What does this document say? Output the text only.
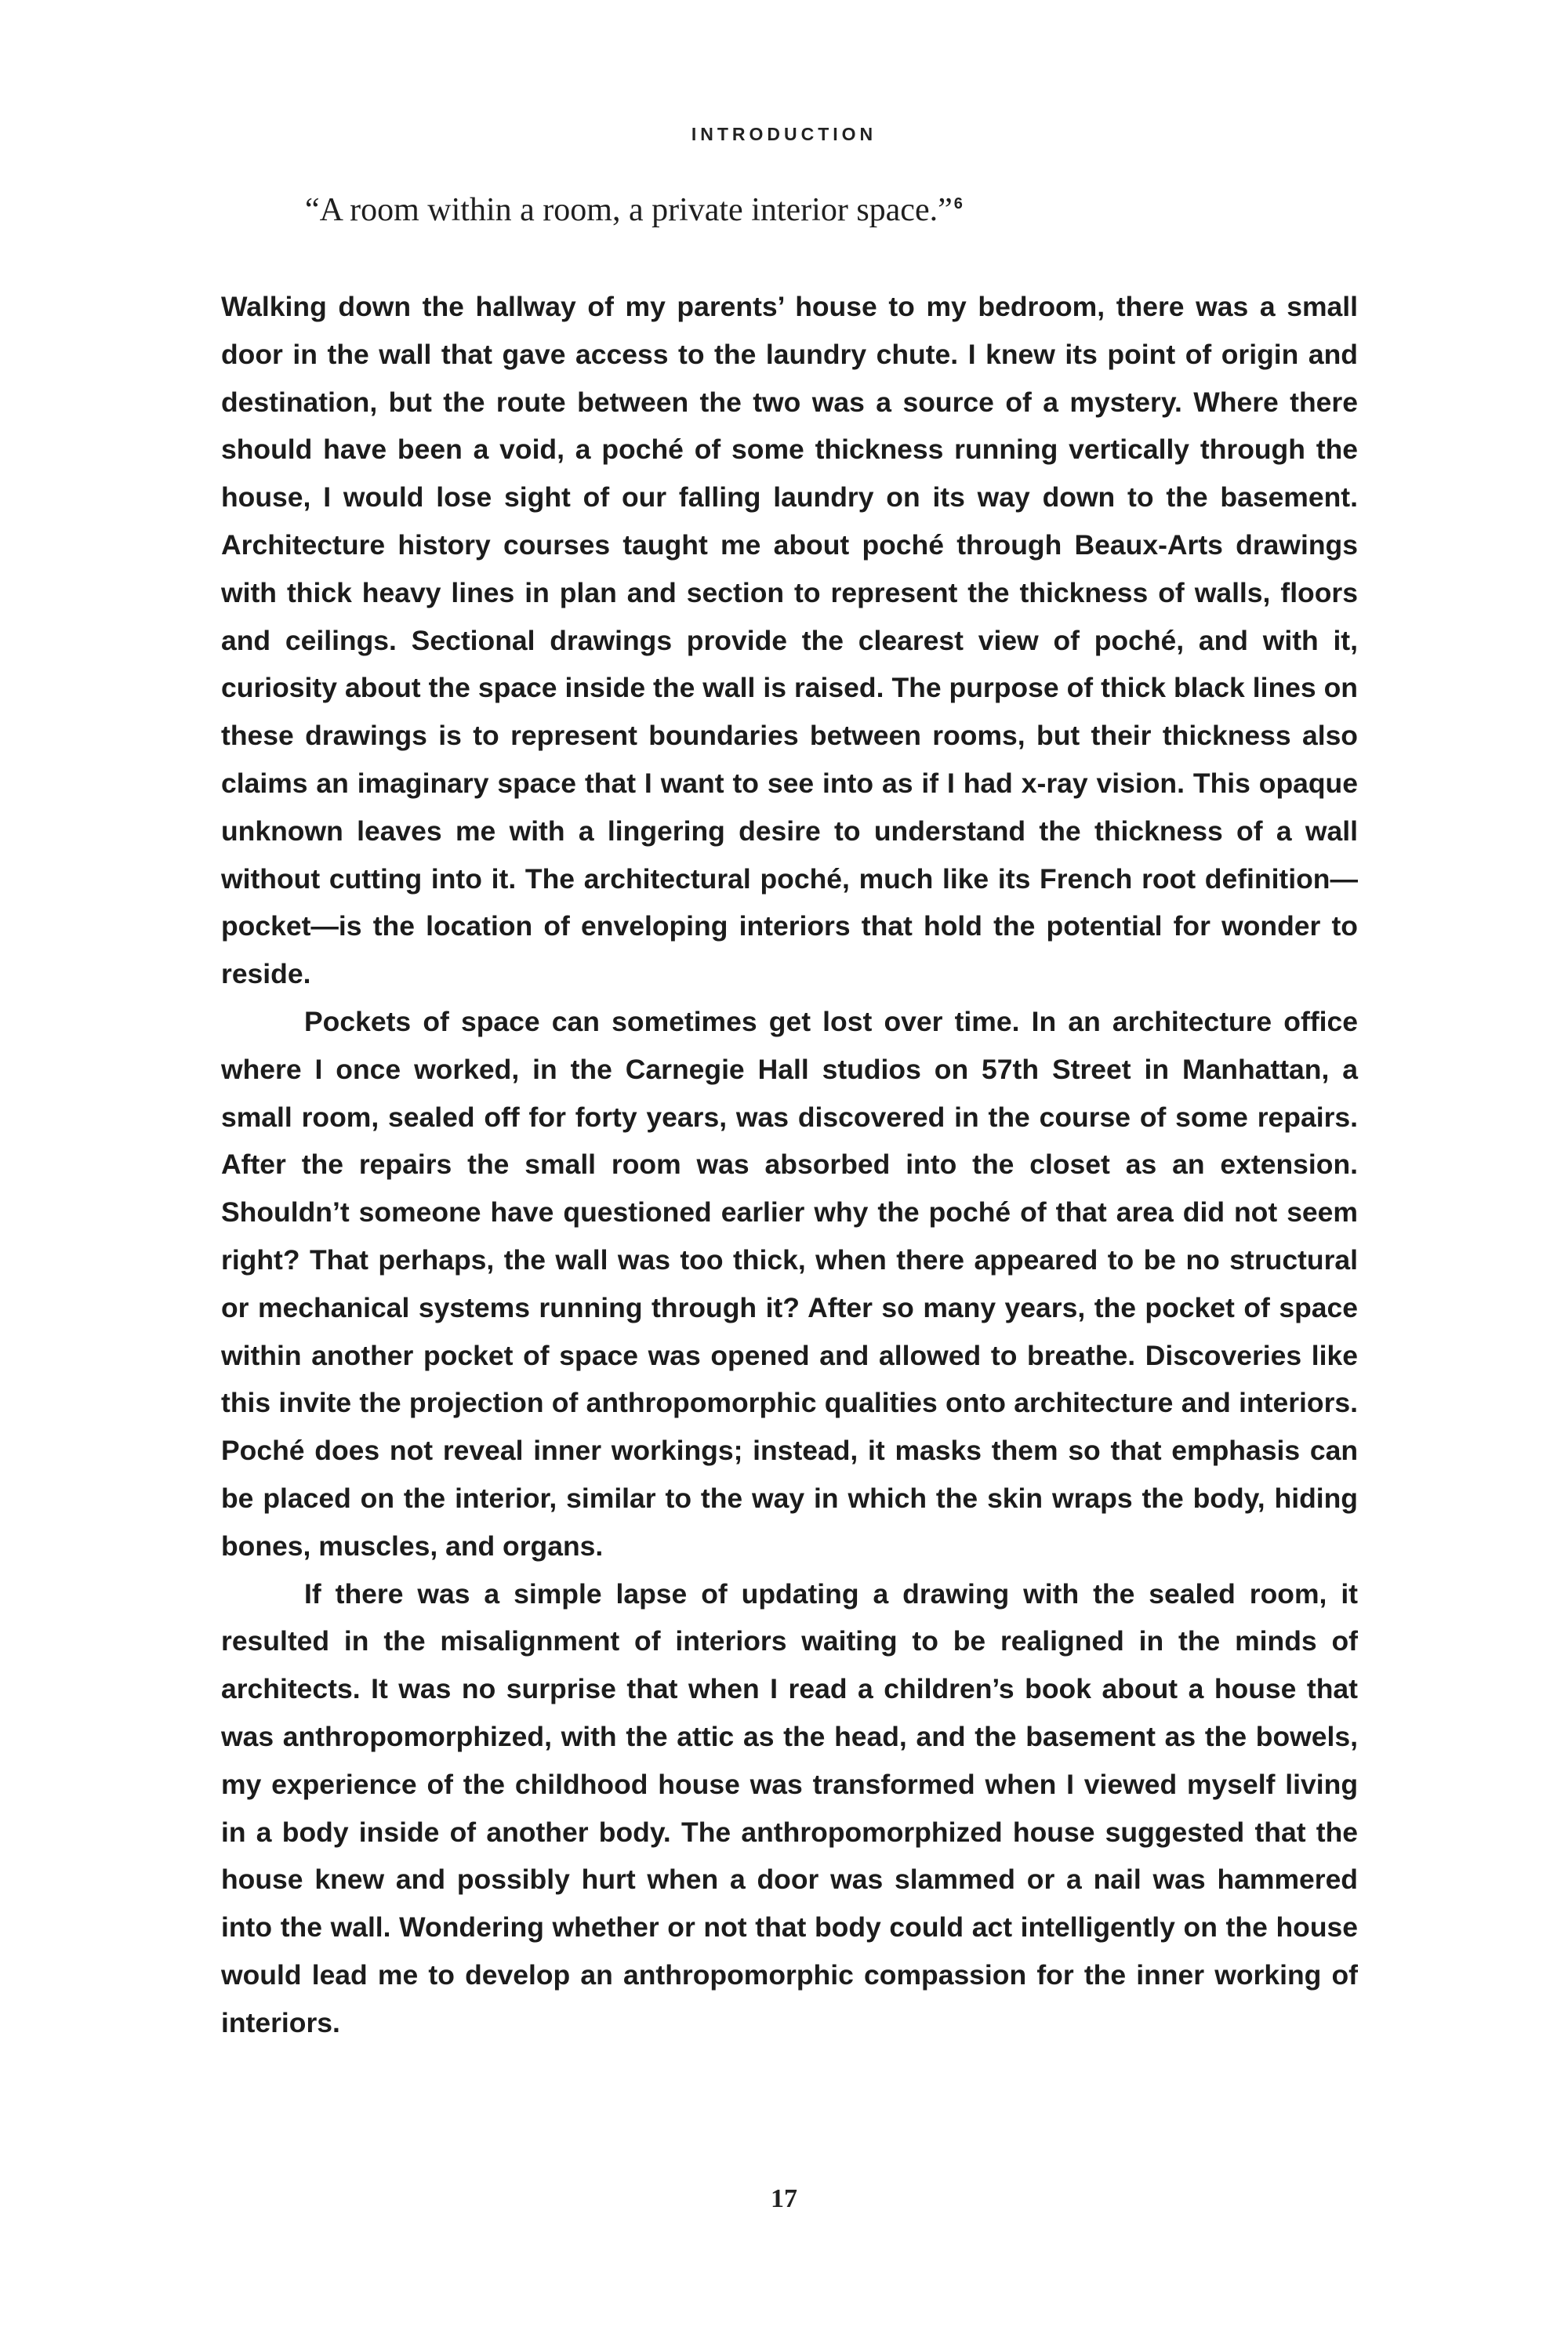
INTRODUCTION
“A room within a room, a private interior space.” $^6$

Walking down the hallway of my parents’ house to my bedroom, there was a small door in the wall that gave access to the laundry chute. I knew its point of origin and destination, but the route between the two was a source of a mystery. Where there should have been a void, a poché of some thickness running vertically through the house, I would lose sight of our falling laundry on its way down to the basement. Architecture history courses taught me about poché through Beaux-Arts drawings with thick heavy lines in plan and section to represent the thickness of walls, floors and ceilings. Sectional drawings provide the clearest view of poché, and with it, curiosity about the space inside the wall is raised. The purpose of thick black lines on these drawings is to represent boundaries between rooms, but their thickness also claims an imaginary space that I want to see into as if I had x-ray vision. This opaque unknown leaves me with a lingering desire to understand the thickness of a wall without cutting into it. The architectural poché, much like its French root definition—pocket—is the location of enveloping interiors that hold the potential for wonder to reside.

Pockets of space can sometimes get lost over time. In an architecture office where I once worked, in the Carnegie Hall studios on 57th Street in Manhattan, a small room, sealed off for forty years, was discovered in the course of some repairs. After the repairs the small room was absorbed into the closet as an extension. Shouldn’t someone have questioned earlier why the poché of that area did not seem right? That perhaps, the wall was too thick, when there appeared to be no structural or mechanical systems running through it? After so many years, the pocket of space within another pocket of space was opened and allowed to breathe. Discoveries like this invite the projection of anthropomorphic qualities onto architecture and interiors. Poché does not reveal inner workings; instead, it masks them so that emphasis can be placed on the interior, similar to the way in which the skin wraps the body, hiding bones, muscles, and organs.

If there was a simple lapse of updating a drawing with the sealed room, it resulted in the misalignment of interiors waiting to be realigned in the minds of architects. It was no surprise that when I read a children’s book about a house that was anthropomorphized, with the attic as the head, and the basement as the bowels, my experience of the childhood house was transformed when I viewed myself living in a body inside of another body. The anthropomorphized house suggested that the house knew and possibly hurt when a door was slammed or a nail was hammered into the wall. Wondering whether or not that body could act intelligently on the house would lead me to develop an anthropomorphic compassion for the inner working of interiors.

17
